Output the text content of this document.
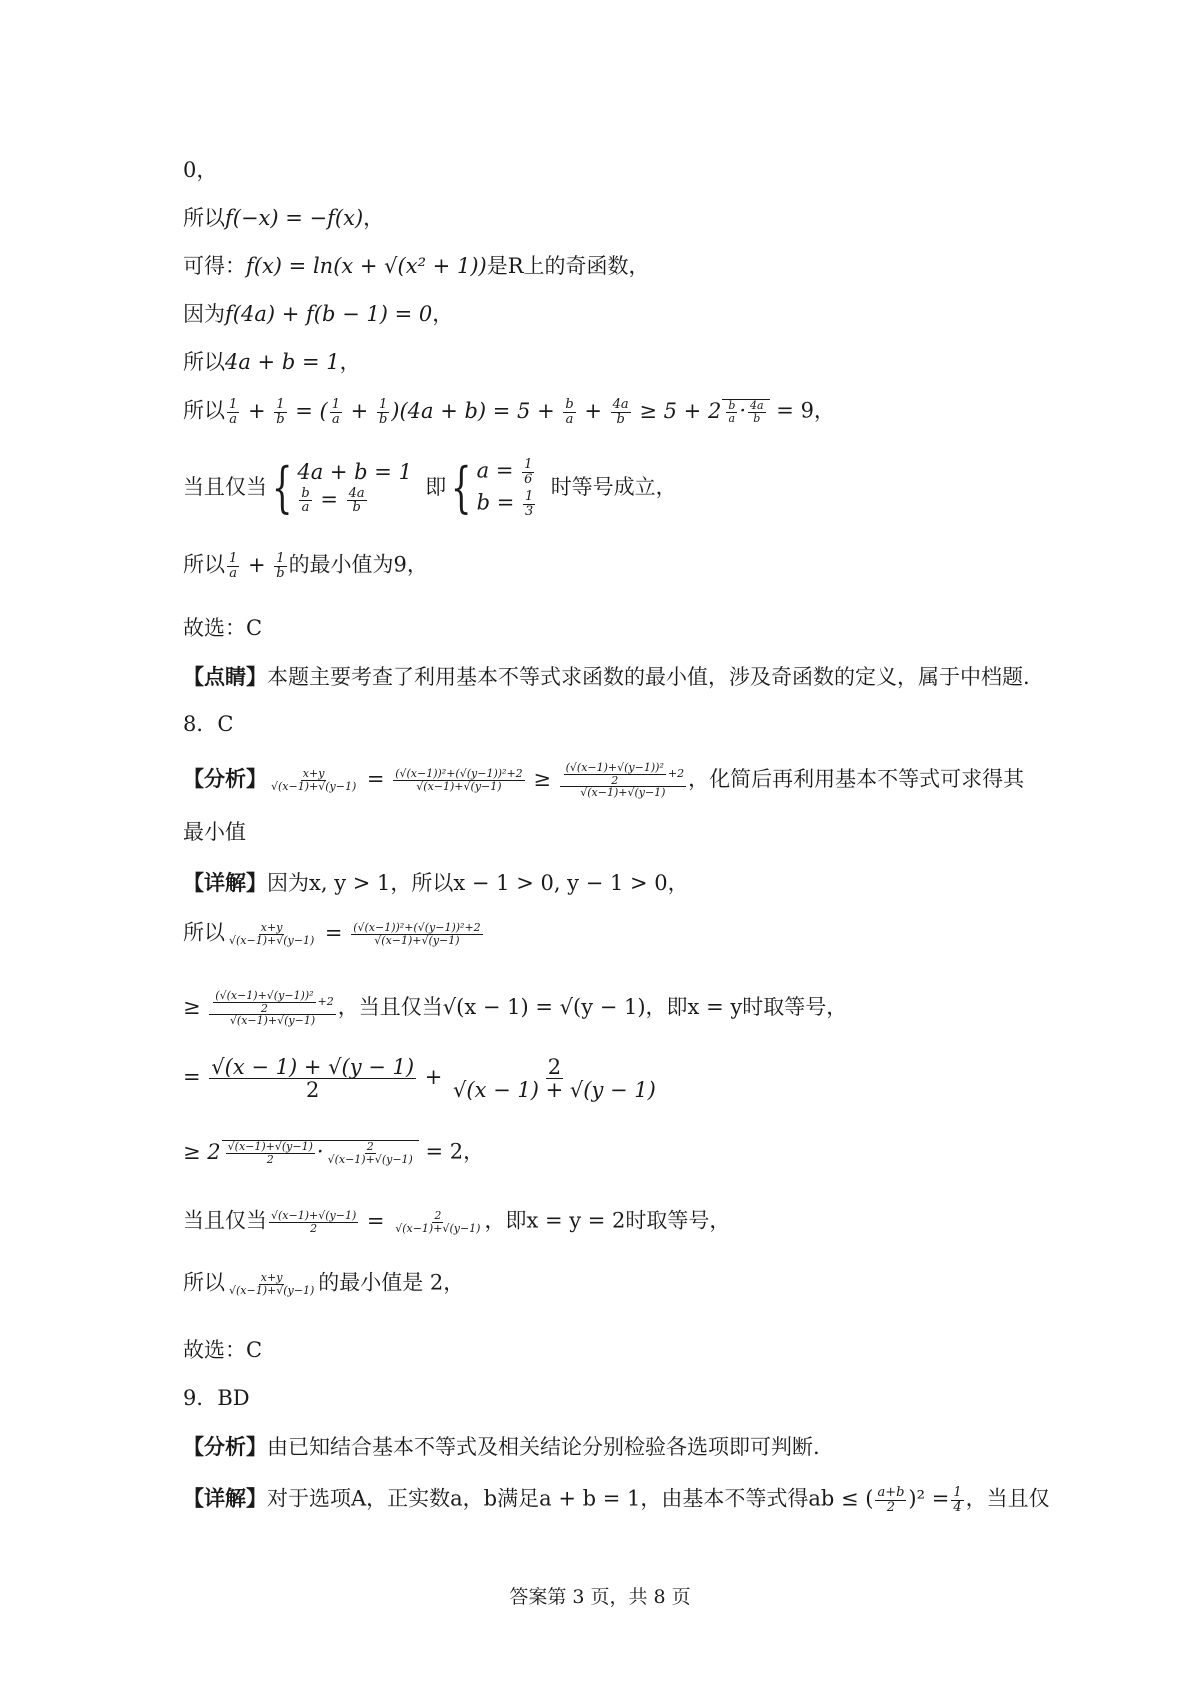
0，
所以f(−x) = −f(x)，
可得：f(x) = ln(x + √(x² + 1))是R上的奇函数，
因为f(4a) + f(b − 1) = 0，
所以4a + b = 1，
所以 $\frac{1}{a} + \frac{1}{b}$ = ( $\frac{1}{a} + \frac{1}{b} )(4a + b) = 5 + \frac{b}{a} + \frac{4a}{b} \ge 5 + 2 \frac{b}{a} \cdot \frac{4a}{b} = 9$，
当且仅当{ 4a + b = 1
$\frac{b}{a} = \frac{4a}{b}$	即{ $a = \frac{1}{6}$
$b = \frac{1}{3}$
时等号成立，
所以 $\frac{1}{a} + \frac{1}{b}$ 的最小值为9，
故选：C
【点睛】本题主要考查了利用基本不等式求函数的最小值，涉及奇函数的定义，属于中档题.
8．C
【分析】 $\frac{x+y}{√(x-1)+√(y-1)} = \frac{\text{(√(x−1))²+(√(y−1))²+2}}{√(x-1)+√(y-1)} \ge \frac{\frac{\text{(√(x−1)+√(y−1))²}}{2} +2}{√(x-1)+√(y-1)}$ ，化简后再利用基本不等式可求得其
最小值
【详解】因为x, y > 1，所以x − 1 > 0, y − 1 > 0，
所以 $\frac{x+y}{√(x-1)+√(y-1)} = \frac{\text{(√(x−1))²+(√(y−1))²+2}}{√(x-1)+√(y-1)}$
≥ $\frac{\frac{\text{(√(x−1)+√(y−1))²}}{2} +2}{√(x-1)+√(y-1)}$ ，当且仅当√(x − 1) = √(y − 1)，即x = y时取等号，
= $\frac{√(x - 1) + √(y - 1)}{2} + \frac{2}{√(x - 1) + √(y - 1)}$
≥ $2 \frac{√(x-1)+√(y-1)}{2} \cdot \frac{2}{√(x-1)+√(y-1)} = 2$，
当且仅当 $\frac{√(x-1)+√(y-1)}{2} = \frac{2}{√(x-1)+√(y-1)}$ ，即x = y = 2时取等号，
所以 $\frac{x+y}{√(x-1)+√(y-1)}$ 的最小值是 2，
故选：C
9．BD
【分析】由已知结合基本不等式及相关结论分别检验各选项即可判断.
【详解】对于选项A，正实数a，b满足a + b = 1，由基本不等式得ab ≤ ( $\frac{a+b}{2} )^2 = \frac{1}{4}$ ，当且仅
答案第 3 页，共 8 页
